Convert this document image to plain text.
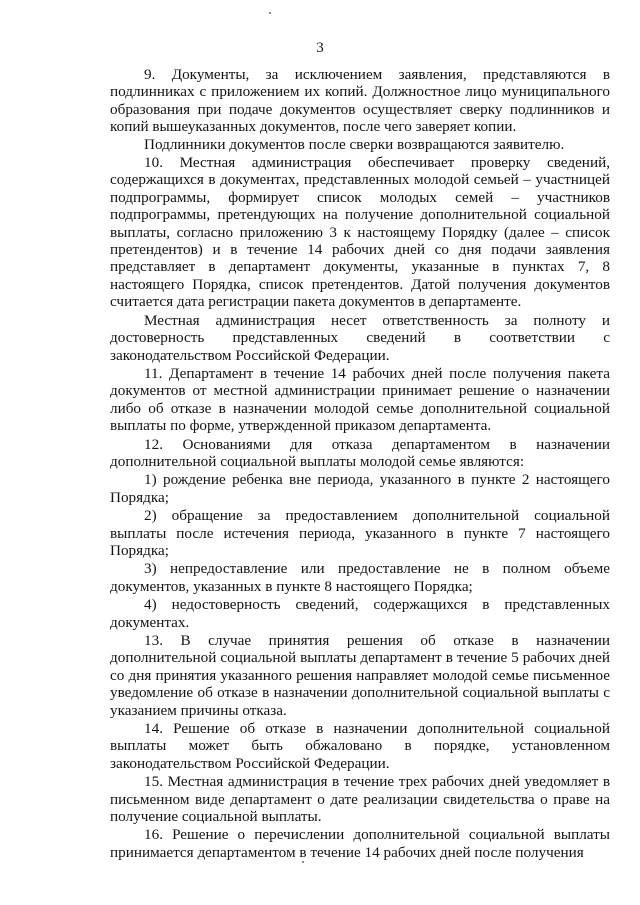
3

9. Документы, за исключением заявления, представляются в подлинниках с приложением их копий. Должностное лицо муниципального образования при подаче документов осуществляет сверку подлинников и копий вышеуказанных документов, после чего заверяет копии.

Подлинники документов после сверки возвращаются заявителю.

10. Местная администрация обеспечивает проверку сведений, содержащихся в документах, представленных молодой семьей – участницей подпрограммы, формирует список молодых семей – участников подпрограммы, претендующих на получение дополнительной социальной выплаты, согласно приложению 3 к настоящему Порядку (далее – список претендентов) и в течение 14 рабочих дней со дня подачи заявления представляет в департамент документы, указанные в пунктах 7, 8 настоящего Порядка, список претендентов. Датой получения документов считается дата регистрации пакета документов в департаменте.

Местная администрация несет ответственность за полноту и достоверность представленных сведений в соответствии с законодательством Российской Федерации.

11. Департамент в течение 14 рабочих дней после получения пакета документов от местной администрации принимает решение о назначении либо об отказе в назначении молодой семье дополнительной социальной выплаты по форме, утвержденной приказом департамента.

12. Основаниями для отказа департаментом в назначении дополнительной социальной выплаты молодой семье являются:

1) рождение ребенка вне периода, указанного в пункте 2 настоящего Порядка;

2) обращение за предоставлением дополнительной социальной выплаты после истечения периода, указанного в пункте 7 настоящего Порядка;

3) непредоставление или предоставление не в полном объеме документов, указанных в пункте 8 настоящего Порядка;

4) недостоверность сведений, содержащихся в представленных документах.

13. В случае принятия решения об отказе в назначении дополнительной социальной выплаты департамент в течение 5 рабочих дней со дня принятия указанного решения направляет молодой семье письменное уведомление об отказе в назначении дополнительной социальной выплаты с указанием причины отказа.

14. Решение об отказе в назначении дополнительной социальной выплаты может быть обжаловано в порядке, установленном законодательством Российской Федерации.

15. Местная администрация в течение трех рабочих дней уведомляет в письменном виде департамент о дате реализации свидетельства о праве на получение социальной выплаты.

16. Решение о перечислении дополнительной социальной выплаты принимается департаментом в течение 14 рабочих дней после получения
